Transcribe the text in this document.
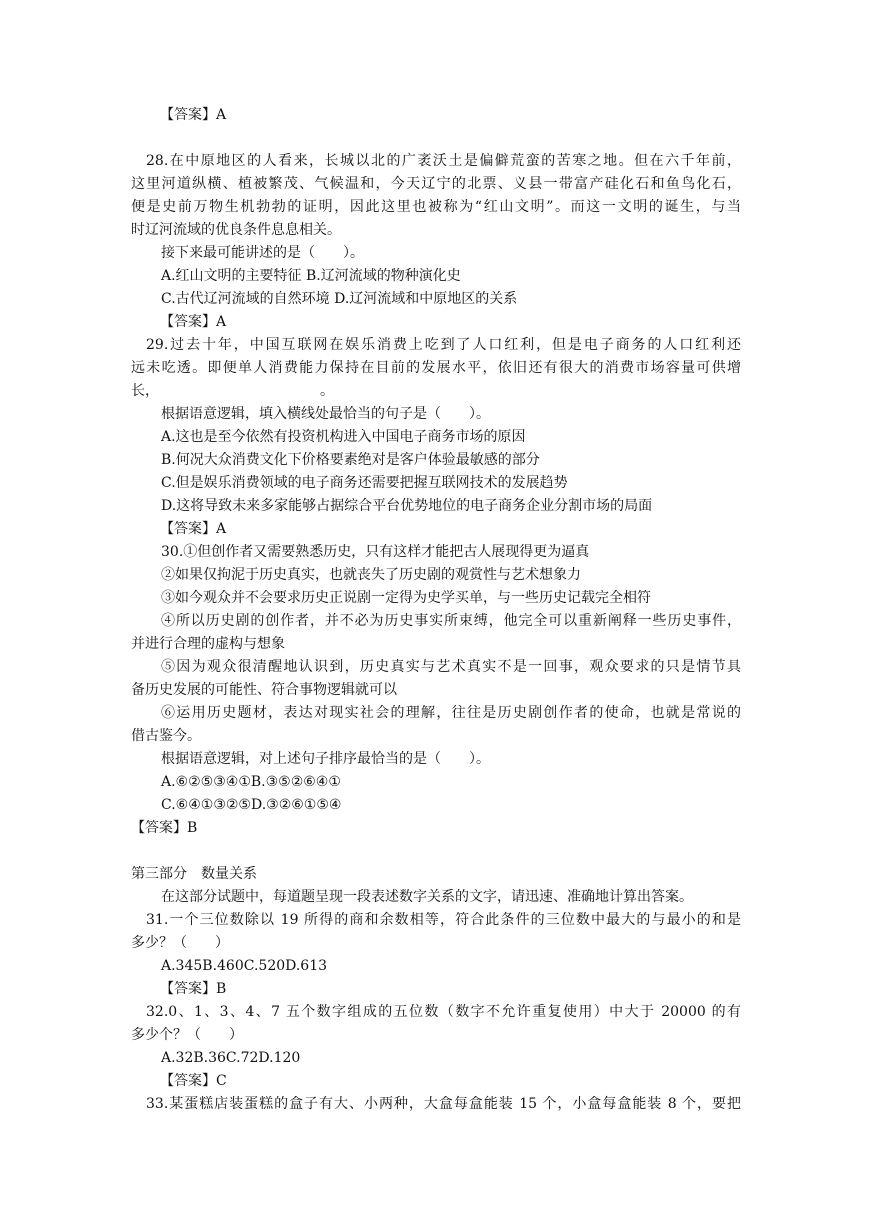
【答案】A
28.在中原地区的人看来，长城以北的广袤沃土是偏僻荒蛮的苦寒之地。但在六千年前，
这里河道纵横、植被繁茂、气候温和，今天辽宁的北票、义县一带富产硅化石和鱼鸟化石，
便是史前万物生机勃勃的证明，因此这里也被称为“红山文明”。而这一文明的诞生，与当
时辽河流域的优良条件息息相关。
接下来最可能讲述的是（　　）。
A.红山文明的主要特征 B.辽河流域的物种演化史
C.古代辽河流域的自然环境 D.辽河流域和中原地区的关系
【答案】A
29.过去十年，中国互联网在娱乐消费上吃到了人口红利，但是电子商务的人口红利还
远未吃透。即便单人消费能力保持在目前的发展水平，依旧还有很大的消费市场容量可供增
长，　　　　　　　　　　　　。
根据语意逻辑，填入横线处最恰当的句子是（　　）。
A.这也是至今依然有投资机构进入中国电子商务市场的原因
B.何况大众消费文化下价格要素绝对是客户体验最敏感的部分
C.但是娱乐消费领域的电子商务还需要把握互联网技术的发展趋势
D.这将导致未来多家能够占据综合平台优势地位的电子商务企业分割市场的局面
【答案】A
30.①但创作者又需要熟悉历史，只有这样才能把古人展现得更为逼真
②如果仅拘泥于历史真实，也就丧失了历史剧的观赏性与艺术想象力
③如今观众并不会要求历史正说剧一定得为史学买单，与一些历史记载完全相符
④所以历史剧的创作者，并不必为历史事实所束缚，他完全可以重新阐释一些历史事件，
并进行合理的虚构与想象
⑤因为观众很清醒地认识到，历史真实与艺术真实不是一回事，观众要求的只是情节具
备历史发展的可能性、符合事物逻辑就可以
⑥运用历史题材，表达对现实社会的理解，往往是历史剧创作者的使命，也就是常说的
借古鉴今。
根据语意逻辑，对上述句子排序最恰当的是（　　）。
A.⑥②⑤③④①B.③⑤②⑥④①
C.⑥④①③②⑤D.③②⑥①⑤④
【答案】B
第三部分　数量关系
在这部分试题中，每道题呈现一段表述数字关系的文字，请迅速、准确地计算出答案。
31.一个三位数除以 19 所得的商和余数相等，符合此条件的三位数中最大的与最小的和是
多少？（　　）
A.345B.460C.520D.613
【答案】B
32.0、1、3、4、7 五个数字组成的五位数（数字不允许重复使用）中大于 20000 的有
多少个？（　　）
A.32B.36C.72D.120
【答案】C
33.某蛋糕店装蛋糕的盒子有大、小两种，大盒每盒能装 15 个，小盒每盒能装 8 个，要把
